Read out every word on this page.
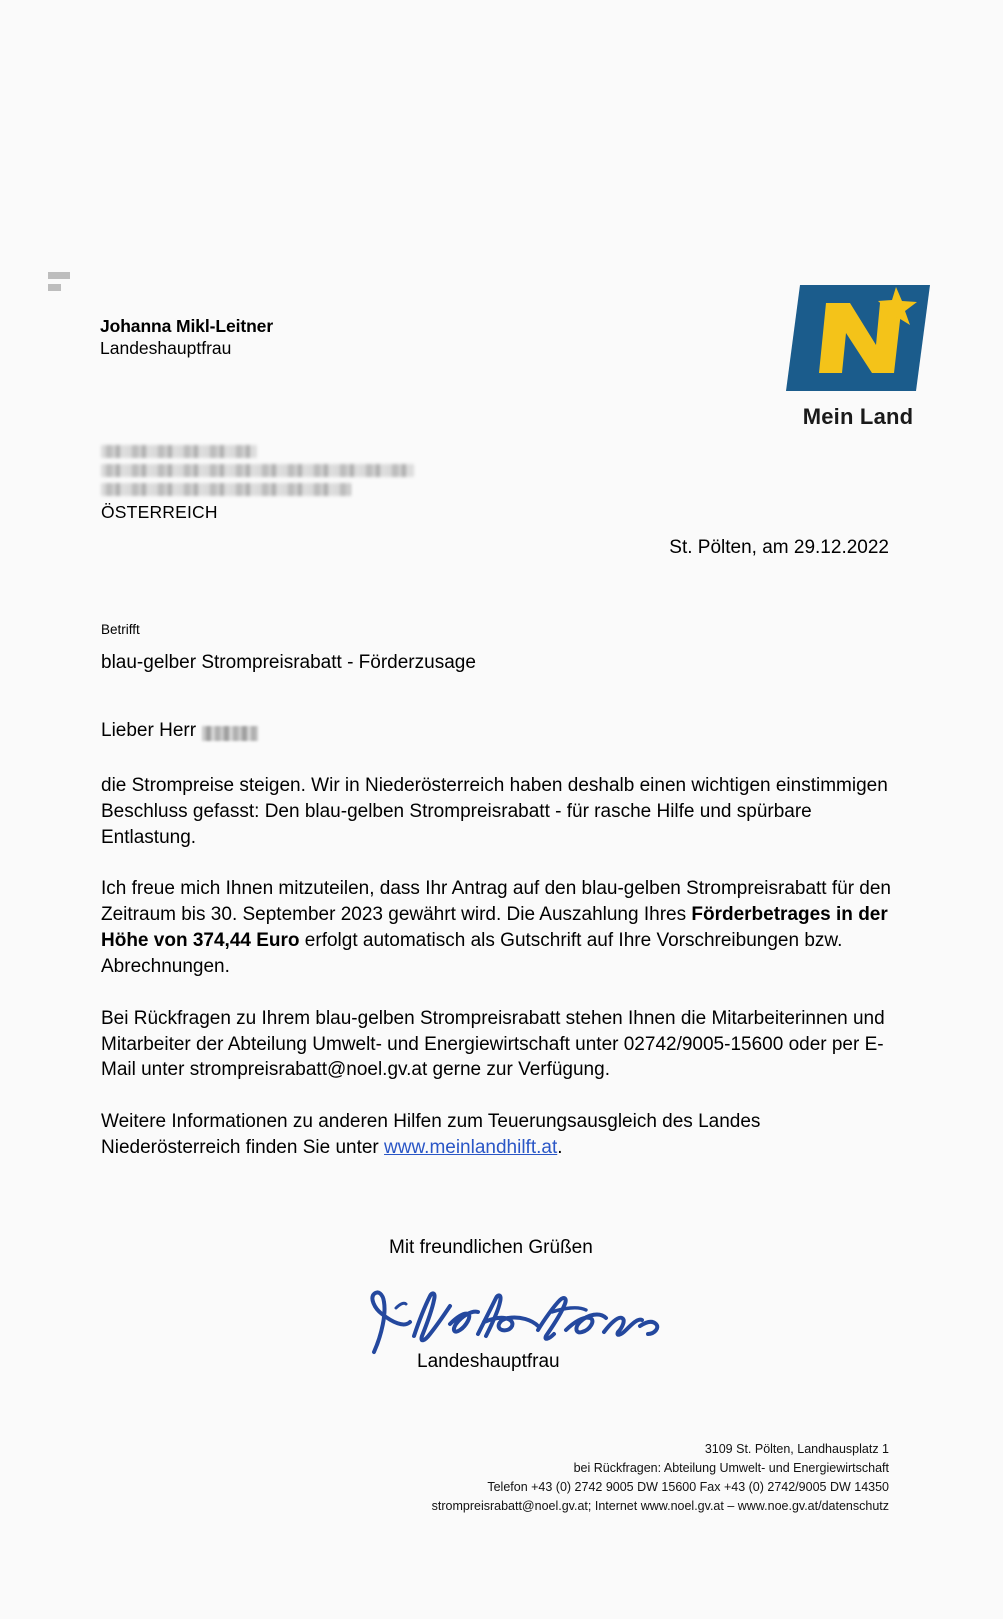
Johanna Mikl-Leitner
Landeshauptfrau
Mein Land
ÖSTERREICH
St. Pölten, am 29.12.2022
Betrifft
blau-gelber Strompreisrabatt - Förderzusage
Lieber Herr

die Strompreise steigen. Wir in Niederösterreich haben deshalb einen wichtigen einstimmigen Beschluss gefasst: Den blau-gelben Strompreisrabatt - für rasche Hilfe und spürbare Entlastung.

Ich freue mich Ihnen mitzuteilen, dass Ihr Antrag auf den blau-gelben Strompreisrabatt für den Zeitraum bis 30. September 2023 gewährt wird. Die Auszahlung Ihres Förderbetrages in der Höhe von 374,44 Euro erfolgt automatisch als Gutschrift auf Ihre Vorschreibungen bzw. Abrechnungen.

Bei Rückfragen zu Ihrem blau-gelben Strompreisrabatt stehen Ihnen die Mitarbeiterinnen und Mitarbeiter der Abteilung Umwelt- und Energiewirtschaft unter 02742/9005-15600 oder per E-Mail unter strompreisrabatt@noel.gv.at gerne zur Verfügung.

Weitere Informationen zu anderen Hilfen zum Teuerungsausgleich des Landes Niederösterreich finden Sie unter www.meinlandhilft.at.

Mit freundlichen Grüßen
Landeshauptfrau
3109 St. Pölten, Landhausplatz 1
bei Rückfragen: Abteilung Umwelt- und Energiewirtschaft
Telefon +43 (0) 2742 9005 DW 15600 Fax +43 (0) 2742/9005 DW 14350
strompreisrabatt@noel.gv.at; Internet www.noel.gv.at – www.noe.gv.at/datenschutz
